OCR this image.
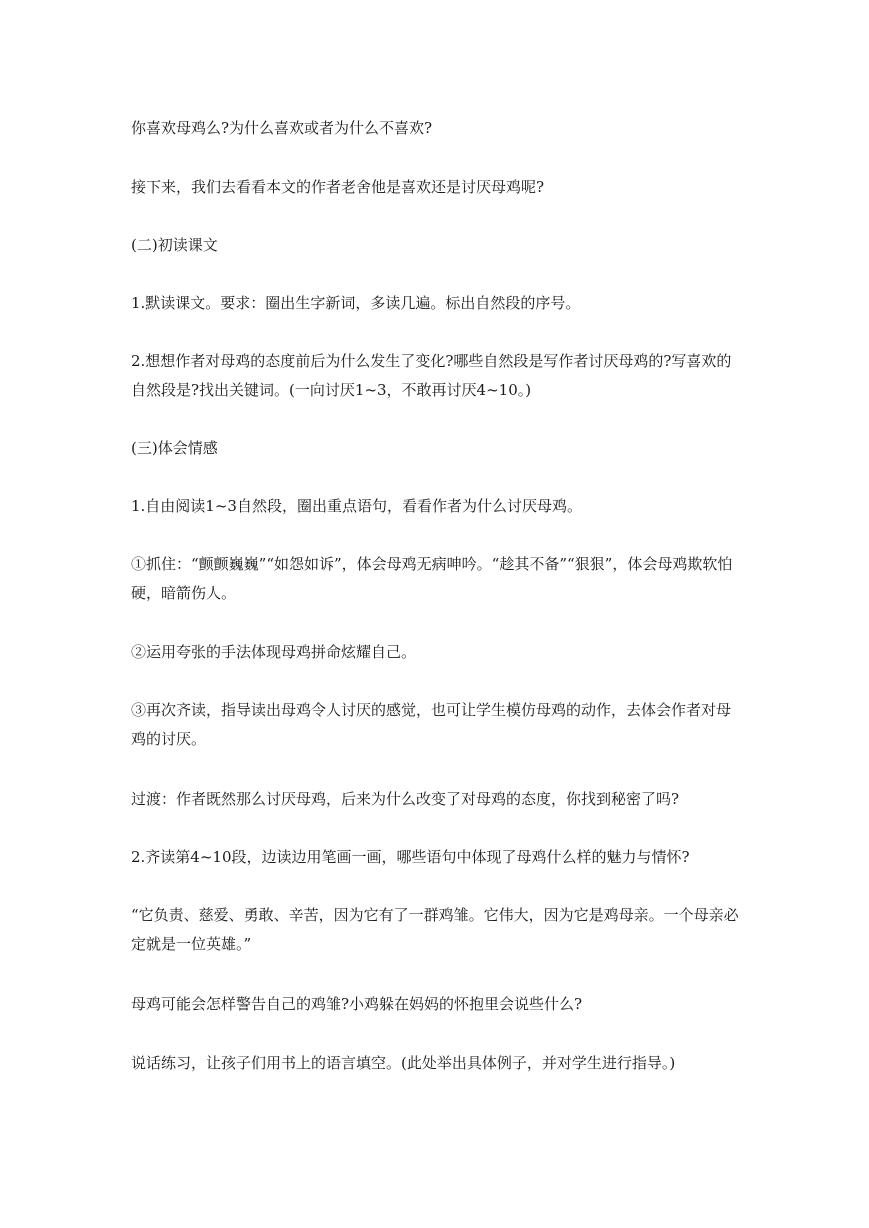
你喜欢母鸡么?为什么喜欢或者为什么不喜欢?

接下来，我们去看看本文的作者老舍他是喜欢还是讨厌母鸡呢?

(二)初读课文

1.默读课文。要求：圈出生字新词，多读几遍。标出自然段的序号。

2.想想作者对母鸡的态度前后为什么发生了变化?哪些自然段是写作者讨厌母鸡的?写喜欢的自然段是?找出关键词。(一向讨厌1~3，不敢再讨厌4~10。)

(三)体会情感

1.自由阅读1~3自然段，圈出重点语句，看看作者为什么讨厌母鸡。

①抓住：“颤颤巍巍”“如怨如诉”，体会母鸡无病呻吟。“趁其不备”“狠狠”，体会母鸡欺软怕硬，暗箭伤人。

②运用夸张的手法体现母鸡拼命炫耀自己。

③再次齐读，指导读出母鸡令人讨厌的感觉，也可让学生模仿母鸡的动作，去体会作者对母鸡的讨厌。

过渡：作者既然那么讨厌母鸡，后来为什么改变了对母鸡的态度，你找到秘密了吗?

2.齐读第4~10段，边读边用笔画一画，哪些语句中体现了母鸡什么样的魅力与情怀?

“它负责、慈爱、勇敢、辛苦，因为它有了一群鸡雏。它伟大，因为它是鸡母亲。一个母亲必定就是一位英雄。”

母鸡可能会怎样警告自己的鸡雏?小鸡躲在妈妈的怀抱里会说些什么?

说话练习，让孩子们用书上的语言填空。(此处举出具体例子，并对学生进行指导。)
